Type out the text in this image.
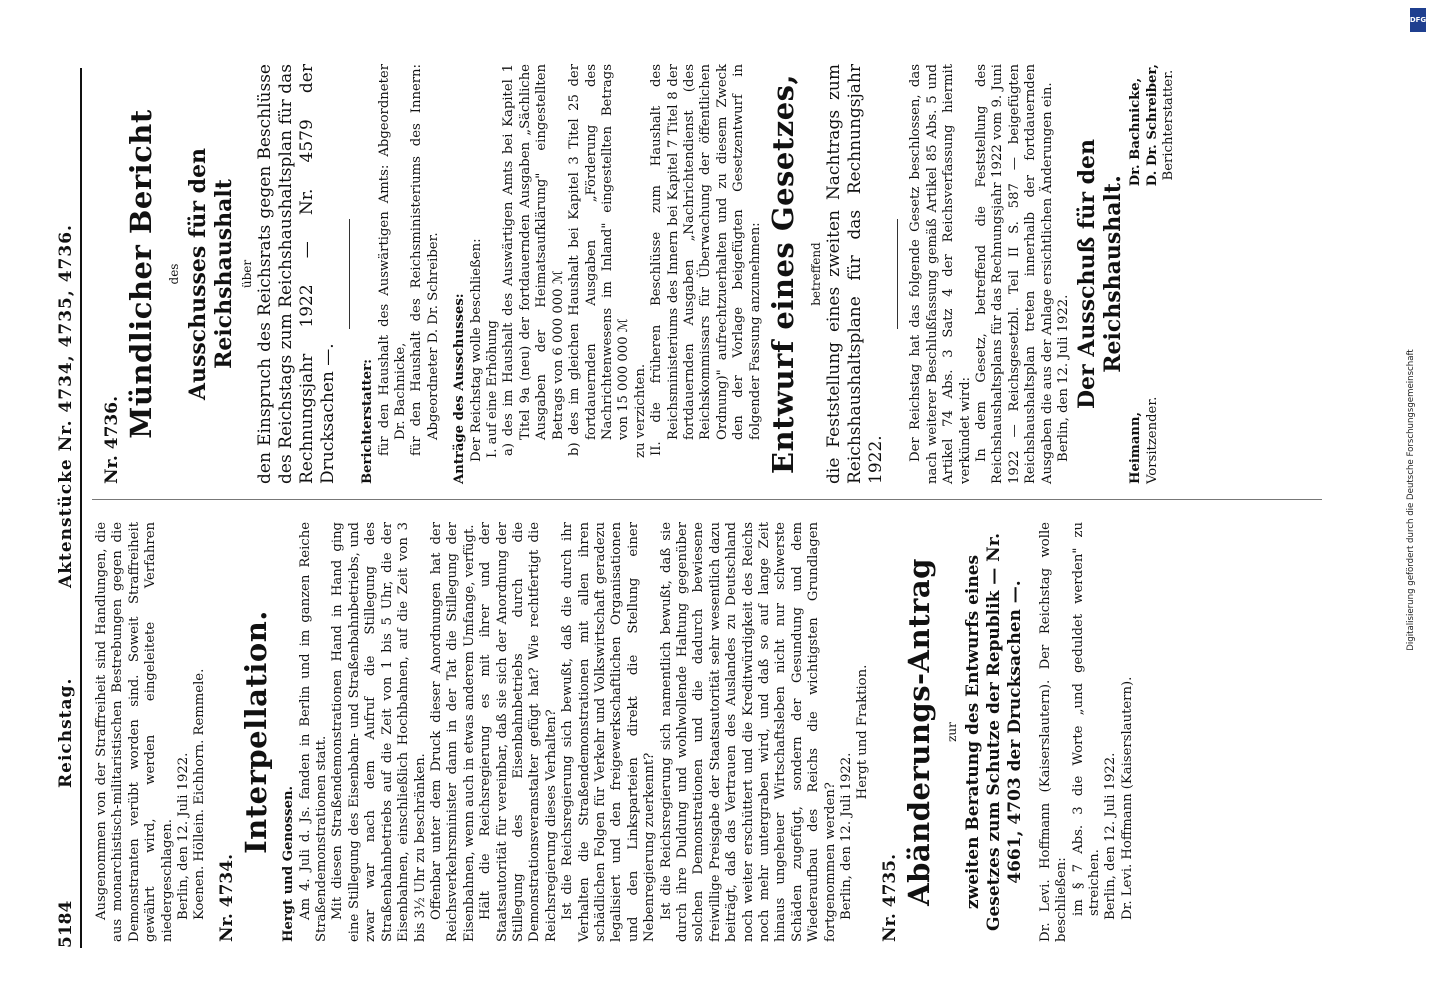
5184
Reichstag.
Aktenstücke Nr. 4734, 4735, 4736.

Ausgenommen von der Straffreiheit sind Handlungen, die aus monarchistisch-militaristischen Bestrebungen gegen die Demonstranten verübt worden sind. Soweit Straffreiheit gewährt wird, werden eingeleitete Verfahren niedergeschlagen. Berlin, den 12. Juli 1922. Koenen. Höllein. Eichhorn. Remmele. Nr. 4734.

Interpellation.

Hergt und Genossen. Am 4. Juli d. Js. fanden in Berlin und im ganzen Reiche Straßendemonstrationen statt. Mit diesen Straßendemonstrationen Hand in Hand ging eine Stillegung des Eisenbahn- und Straßenbahnbetriebs, und zwar war nach dem Aufruf die Stillegung des Straßenbahnbetriebs auf die Zeit von 1 bis 5 Uhr, die der Eisenbahnen, einschließlich Hochbahnen, auf die Zeit von 3 bis 3½ Uhr zu beschränken. Offenbar unter dem Druck dieser Anordnungen hat der Reichsverkehrsminister dann in der Tat die Stillegung der Eisenbahnen, wenn auch in etwas anderem Umfange, verfügt. Hält die Reichsregierung es mit ihrer und der Staatsautorität für vereinbar, daß sie sich der Anordnung der Stillegung des Eisenbahnbetriebs durch die Demonstrationsveranstalter gefügt hat? Wie rechtfertigt die Reichsregierung dieses Verhalten? Ist die Reichsregierung sich bewußt, daß die durch ihr Verhalten die Straßendemonstrationen mit allen ihren schädlichen Folgen für Verkehr und Volkswirtschaft geradezu legalisiert und den freigewerkschaftlichen Organisationen und den Linksparteien direkt die Stellung einer Nebenregierung zuerkennt? Ist die Reichsregierung sich namentlich bewußt, daß sie durch ihre Duldung und wohlwollende Haltung gegenüber solchen Demonstrationen und die dadurch bewiesene freiwillige Preisgabe der Staatsautorität sehr wesentlich dazu beiträgt, daß das Vertrauen des Auslandes zu Deutschland noch weiter erschüttert und die Kreditwürdigkeit des Reichs noch mehr untergraben wird, und daß so auf lange Zeit hinaus ungeheuer Wirtschaftsleben nicht nur schwerste Schäden zugefügt, sondern der Gesundung und dem Wiederaufbau des Reichs die wichtigsten Grundlagen fortgenommen werden? Berlin, den 12. Juli 1922.

Hergt und Fraktion.

Nr. 4735. Abänderungs-Antrag zur zweiten Beratung des Entwurfs eines Gesetzes zum Schutze der Republik — Nr. 4661, 4703 der Drucksachen —. Dr. Levi. Hoffmann (Kaiserslautern). Der Reichstag wolle beschließen: im § 7 Abs. 3 die Worte „und geduldet werden" zu streichen. Berlin, den 12. Juli 1922. Dr. Levi. Hoffmann (Kaiserslautern).

Nr. 4736.

Mündlicher Bericht des Ausschusses für den Reichshaushalt über den Einspruch des Reichsrats gegen Beschlüsse des Reichstags zum Reichshaushaltsplan für das Rechnungsjahr 1922 — Nr. 4579 der Drucksachen —. Berichterstatter: für den Haushalt des Auswärtigen Amts: Abgeordneter Dr. Bachnicke, für den Haushalt des Reichsministeriums des Innern: Abgeordneter D. Dr. Schreiber. Anträge des Ausschusses: Der Reichstag wolle beschließen: I. auf eine Erhöhung a) des im Haushalt des Auswärtigen Amts bei Kapitel 1 Titel 9a (neu) der fortdauernden Ausgaben „Sächliche Ausgaben der Heimatsaufklärung" eingestellten Betrags von 6 000 000 ℳ b) des im gleichen Haushalt bei Kapitel 3 Titel 25 der fortdauernden Ausgaben „Förderung des Nachrichtenwesens im Inland" eingestellten Betrags von 15 000 000 ℳ zu verzichten. II. die früheren Beschlüsse zum Haushalt des Reichsministeriums des Innern bei Kapitel 7 Titel 8 der fortdauernden Ausgaben „Nachrichtendienst (des Reichskommissars für Überwachung der öffentlichen Ordnung)" aufrechtzuerhalten und zu diesem Zweck den der Vorlage beigefügten Gesetzentwurf in folgender Fassung anzunehmen: Entwurf eines Gesetzes, betreffend die Feststellung eines zweiten Nachtrags zum Reichshaushaltsplane für das Rechnungsjahr 1922. Der Reichstag hat das folgende Gesetz beschlossen, das nach weiterer Beschlußfassung gemäß Artikel 85 Abs. 5 und Artikel 74 Abs. 3 Satz 4 der Reichsverfassung hiermit verkündet wird: In dem Gesetz, betreffend die Feststellung des Reichshaushaltsplans für das Rechnungsjahr 1922 vom 9. Juni 1922 — Reichsgesetzbl. Teil II S. 587 — beigefügten Reichshaushaltsplan treten innerhalb der fortdauernden Ausgaben die aus der Anlage ersichtlichen Änderungen ein. Berlin, den 12. Juli 1922. Der Ausschuß für den Reichshaushalt.

Heimann, Vorsitzender.

Dr. Bachnicke, D. Dr. Schreiber, Berichterstatter.

Digitalisierung gefördert durch die Deutsche Forschungsgemeinschaft
DFG
